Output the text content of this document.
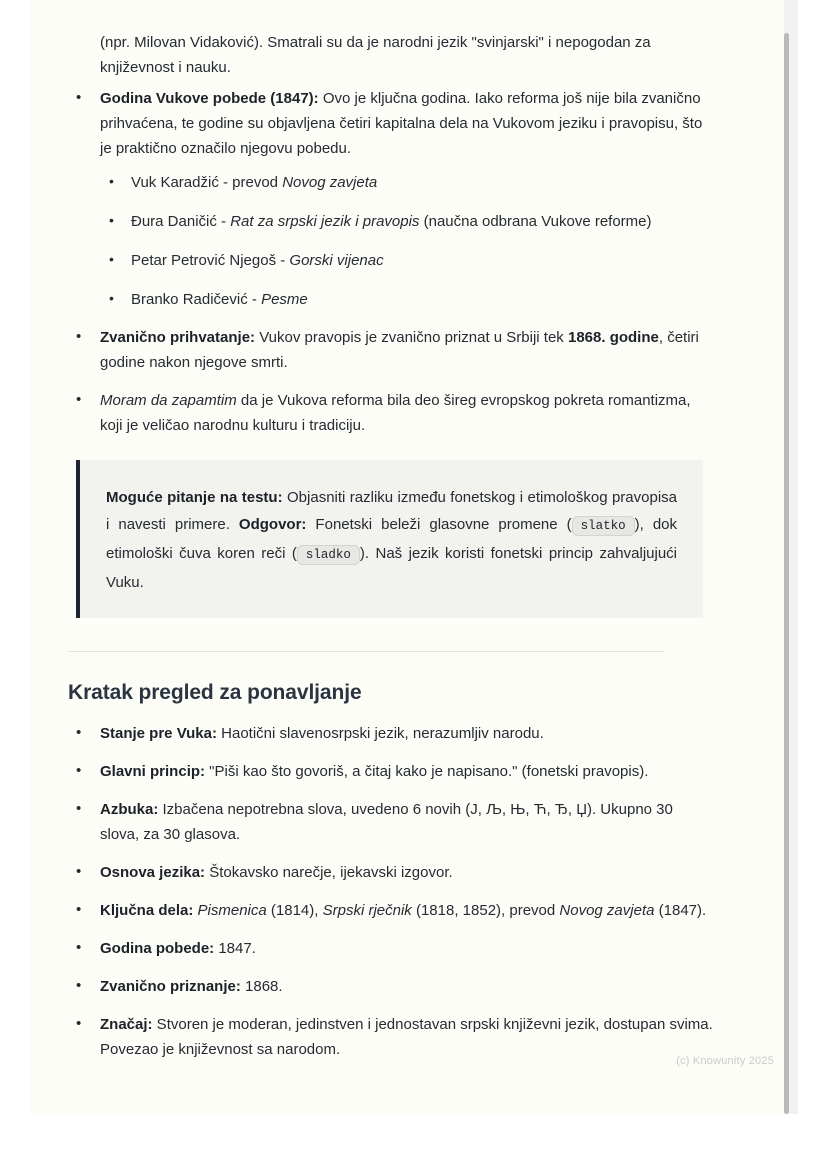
(npr. Milovan Vidaković). Smatrali su da je narodni jezik "svinjarski" i nepogodan za književnost i nauku.

• Godina Vukove pobede (1847): Ovo je ključna godina. Iako reforma još nije bila zvanično prihvaćena, te godine su objavljena četiri kapitalna dela na Vukovom jeziku i pravopisu, što je praktično označilo njegovu pobedu.
• Vuk Karadžić - prevod Novog zavjeta
• Đura Daničić - Rat za srpski jezik i pravopis (naučna odbrana Vukove reforme)
• Petar Petrović Njegoš - Gorski vijenac
• Branko Radičević - Pesme
• Zvanično prihvatanje: Vukov pravopis je zvanično priznat u Srbiji tek 1868. godine, četiri godine nakon njegove smrti.
• Moram da zapamtim da je Vukova reforma bila deo šireg evropskog pokreta romantizma, koji je veličao narodnu kulturu i tradiciju.
Moguće pitanje na testu: Objasniti razliku između fonetskog i etimološkog pravopisa i navesti primere. Odgovor: Fonetski beleži glasovne promene ( slatko ), dok etimološki čuva koren reči ( sladko ). Naš jezik koristi fonetski princip zahvaljujući Vuku.
Kratak pregled za ponavljanje
• Stanje pre Vuka: Haotični slavenosrpski jezik, nerazumljiv narodu.
• Glavni princip: "Piši kao što govoriš, a čitaj kako je napisano." (fonetski pravopis).
• Azbuka: Izbačena nepotrebna slova, uvedeno 6 novih (J, Љ, Њ, Ћ, Ђ, Џ). Ukupno 30 slova, za 30 glasova.
• Osnova jezika: Štokavsko narečje, ijekavski izgovor.
• Ključna dela: Pismenica (1814), Srpski rječnik (1818, 1852), prevod Novog zavjeta (1847).
• Godina pobede: 1847.
• Zvanično priznanje: 1868.
• Značaj: Stvoren je moderan, jedinstven i jednostavan srpski književni jezik, dostupan svima. Povezao je književnost sa narodom.
(c) Knowunity 2025
